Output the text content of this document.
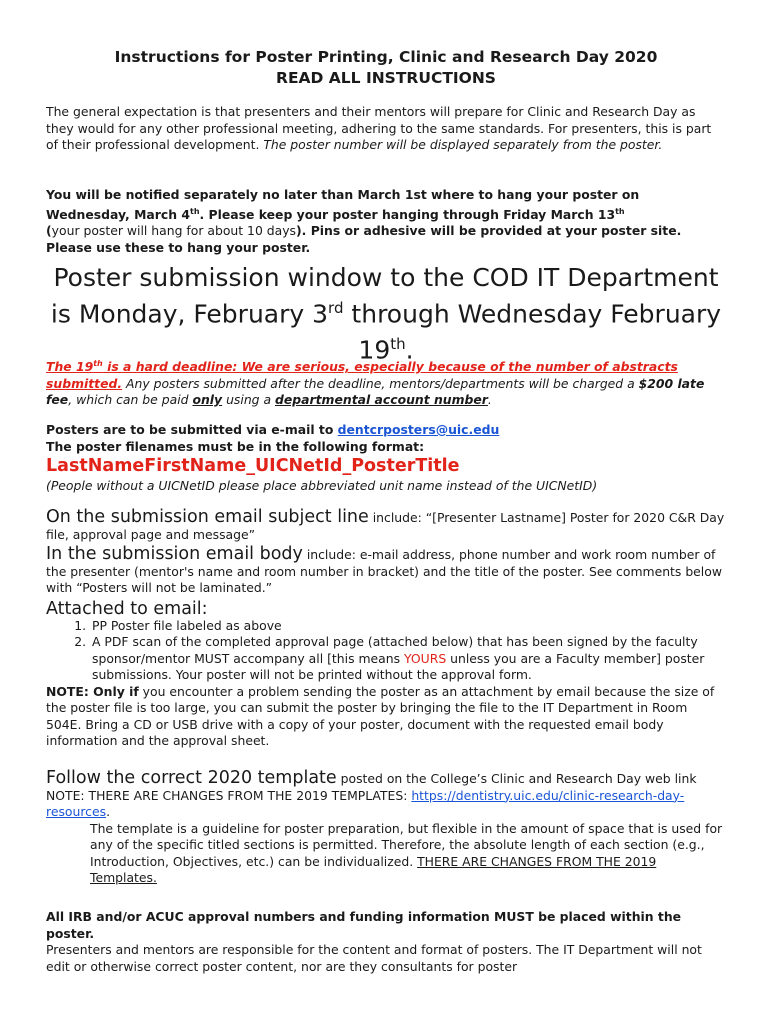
Instructions for Poster Printing, Clinic and Research Day 2020
READ ALL INSTRUCTIONS

The general expectation is that presenters and their mentors will prepare for Clinic and Research Day as they would for any other professional meeting, adhering to the same standards. For presenters, this is part of their professional development. The poster number will be displayed separately from the poster.

You will be notified separately no later than March 1st where to hang your poster on Wednesday, March 4th. Please keep your poster hanging through Friday March 13th
(your poster will hang for about 10 days). Pins or adhesive will be provided at your poster site. Please use these to hang your poster.

Poster submission window to the COD IT Department is Monday, February 3rd through Wednesday February 19th.

The 19th is a hard deadline: We are serious, especially because of the number of abstracts submitted. Any posters submitted after the deadline, mentors/departments will be charged a $200 late fee, which can be paid only using a departmental account number.

Posters are to be submitted via e-mail to dentcrposters@uic.edu
The poster filenames must be in the following format:

LastNameFirstName_UICNetId_PosterTitle
(People without a UICNetID please place abbreviated unit name instead of the UICNetID)

On the submission email subject line include: “[Presenter Lastname] Poster for 2020 C&R Day file, approval page and message”

In the submission email body include: e-mail address, phone number and work room number of the presenter (mentor's name and room number in bracket) and the title of the poster. See comments below with “Posters will not be laminated.”

Attached to email:
1. PP Poster file labeled as above
2. A PDF scan of the completed approval page (attached below) that has been signed by the faculty sponsor/mentor MUST accompany all [this means YOURS unless you are a Faculty member] poster submissions. Your poster will not be printed without the approval form.

NOTE: Only if you encounter a problem sending the poster as an attachment by email because the size of the poster file is too large, you can submit the poster by bringing the file to the IT Department in Room 504E. Bring a CD or USB drive with a copy of your poster, document with the requested email body information and the approval sheet.

Follow the correct 2020 template posted on the College’s Clinic and Research Day web link NOTE: THERE ARE CHANGES FROM THE 2019 TEMPLATES: https://dentistry.uic.edu/clinic-research-day-resources.

The template is a guideline for poster preparation, but flexible in the amount of space that is used for any of the specific titled sections is permitted. Therefore, the absolute length of each section (e.g., Introduction, Objectives, etc.) can be individualized. THERE ARE CHANGES FROM THE 2019 Templates.

All IRB and/or ACUC approval numbers and funding information MUST be placed within the poster.

Presenters and mentors are responsible for the content and format of posters. The IT Department will not edit or otherwise correct poster content, nor are they consultants for poster
